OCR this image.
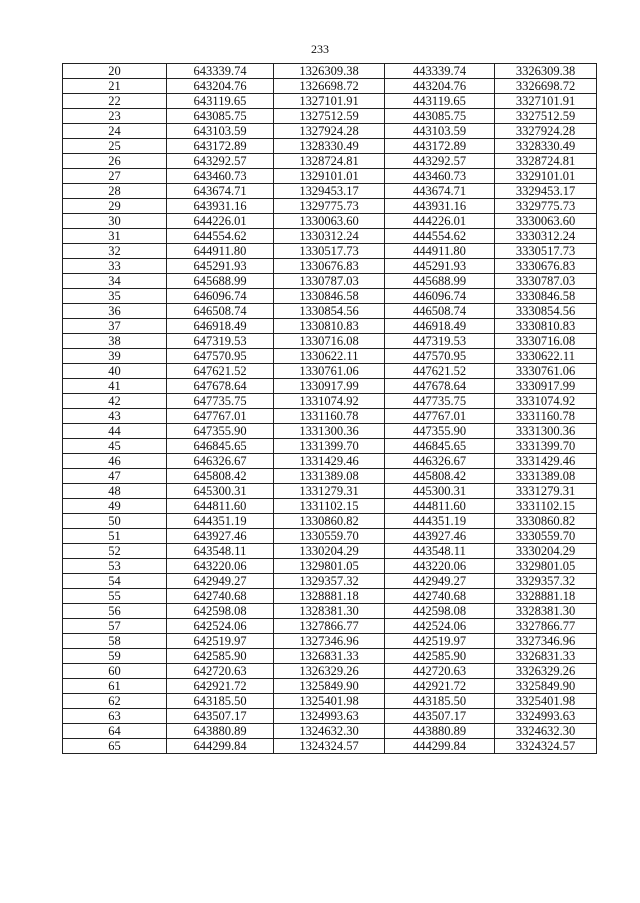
233
20	643339.74	1326309.38	443339.74	3326309.38
21	643204.76	1326698.72	443204.76	3326698.72
22	643119.65	1327101.91	443119.65	3327101.91
23	643085.75	1327512.59	443085.75	3327512.59
24	643103.59	1327924.28	443103.59	3327924.28
25	643172.89	1328330.49	443172.89	3328330.49
26	643292.57	1328724.81	443292.57	3328724.81
27	643460.73	1329101.01	443460.73	3329101.01
28	643674.71	1329453.17	443674.71	3329453.17
29	643931.16	1329775.73	443931.16	3329775.73
30	644226.01	1330063.60	444226.01	3330063.60
31	644554.62	1330312.24	444554.62	3330312.24
32	644911.80	1330517.73	444911.80	3330517.73
33	645291.93	1330676.83	445291.93	3330676.83
34	645688.99	1330787.03	445688.99	3330787.03
35	646096.74	1330846.58	446096.74	3330846.58
36	646508.74	1330854.56	446508.74	3330854.56
37	646918.49	1330810.83	446918.49	3330810.83
38	647319.53	1330716.08	447319.53	3330716.08
39	647570.95	1330622.11	447570.95	3330622.11
40	647621.52	1330761.06	447621.52	3330761.06
41	647678.64	1330917.99	447678.64	3330917.99
42	647735.75	1331074.92	447735.75	3331074.92
43	647767.01	1331160.78	447767.01	3331160.78
44	647355.90	1331300.36	447355.90	3331300.36
45	646845.65	1331399.70	446845.65	3331399.70
46	646326.67	1331429.46	446326.67	3331429.46
47	645808.42	1331389.08	445808.42	3331389.08
48	645300.31	1331279.31	445300.31	3331279.31
49	644811.60	1331102.15	444811.60	3331102.15
50	644351.19	1330860.82	444351.19	3330860.82
51	643927.46	1330559.70	443927.46	3330559.70
52	643548.11	1330204.29	443548.11	3330204.29
53	643220.06	1329801.05	443220.06	3329801.05
54	642949.27	1329357.32	442949.27	3329357.32
55	642740.68	1328881.18	442740.68	3328881.18
56	642598.08	1328381.30	442598.08	3328381.30
57	642524.06	1327866.77	442524.06	3327866.77
58	642519.97	1327346.96	442519.97	3327346.96
59	642585.90	1326831.33	442585.90	3326831.33
60	642720.63	1326329.26	442720.63	3326329.26
61	642921.72	1325849.90	442921.72	3325849.90
62	643185.50	1325401.98	443185.50	3325401.98
63	643507.17	1324993.63	443507.17	3324993.63
64	643880.89	1324632.30	443880.89	3324632.30
65	644299.84	1324324.57	444299.84	3324324.57
